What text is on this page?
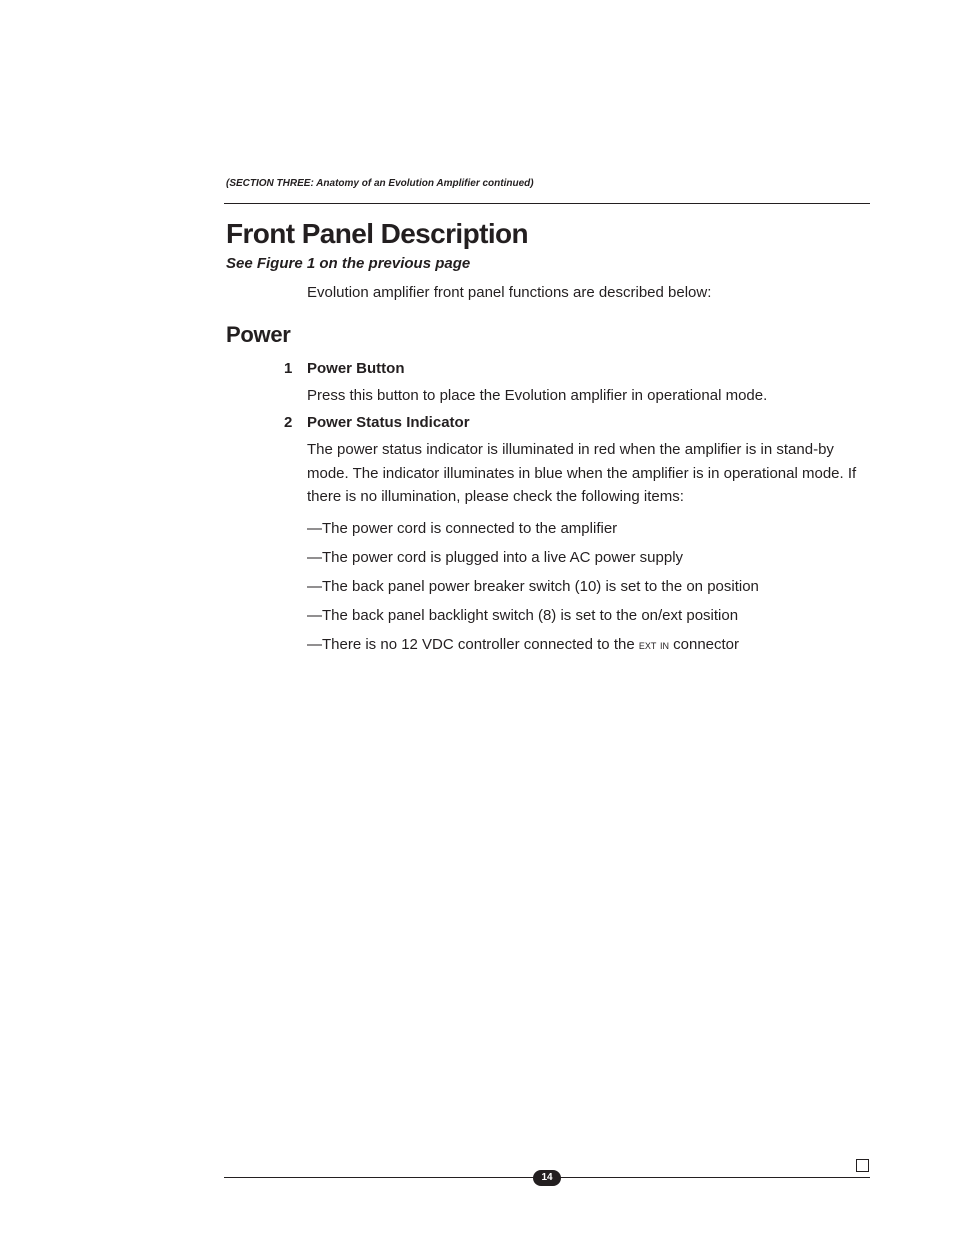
(SECTION THREE: Anatomy of an Evolution Amplifier continued)
Front Panel Description
See Figure 1 on the previous page
Evolution amplifier front panel functions are described below:
Power
1 Power Button
Press this button to place the Evolution amplifier in operational mode.
2 Power Status Indicator
The power status indicator is illuminated in red when the amplifier is in stand-by mode. The indicator illuminates in blue when the amplifier is in operational mode. If there is no illumination, please check the following items:
—The power cord is connected to the amplifier
—The power cord is plugged into a live AC power supply
—The back panel power breaker switch (10) is set to the on position
—The back panel backlight switch (8) is set to the on/ext position
—There is no 12 VDC controller connected to the ext in connector
14
